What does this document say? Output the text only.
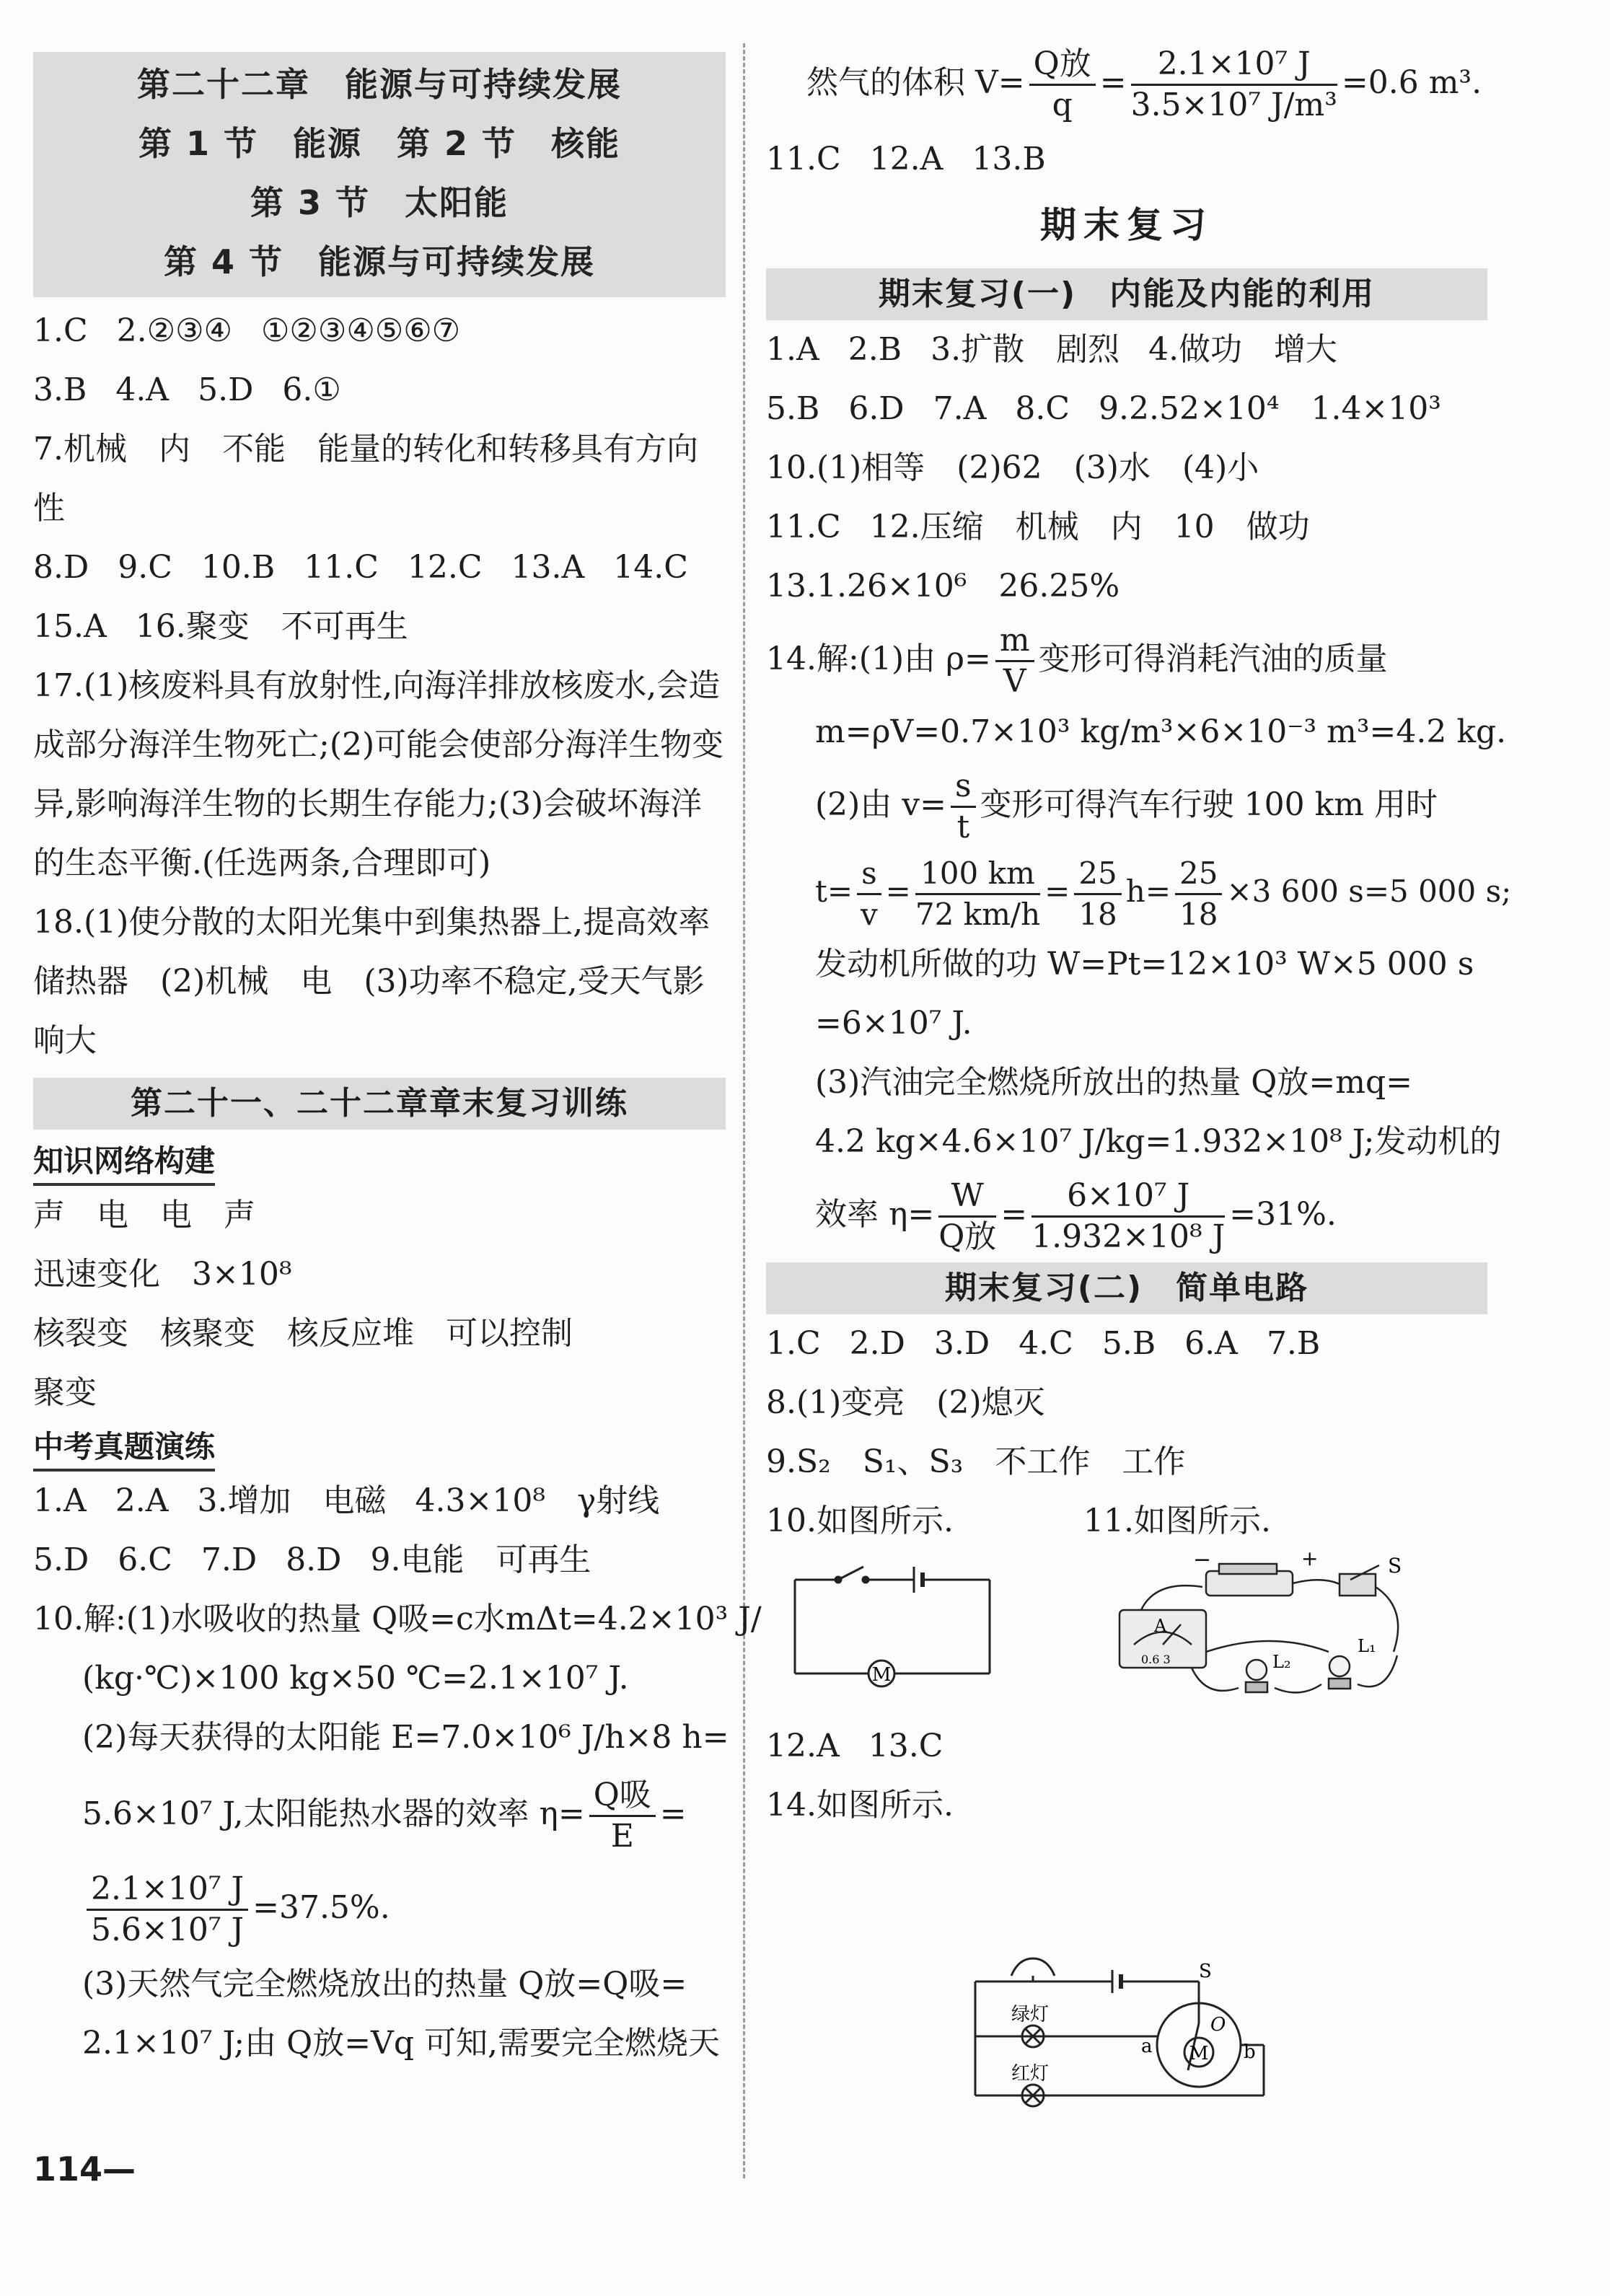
第二十二章　能源与可持续发展
第 1 节　能源 第 2 节　核能
第 3 节　太阳能
第 4 节　能源与可持续发展
1.C 2.②③④ ①②③④⑤⑥⑦
3.B 4.A 5.D 6.①
7.机械　内　不能　能量的转化和转移具有方向性
8.D 9.C 10.B 11.C 12.C 13.A 14.C
15.A 16.聚变　不可再生
17.(1)核废料具有放射性,向海洋排放核废水,会造成部分海洋生物死亡;(2)可能会使部分海洋生物变异,影响海洋生物的长期生存能力;(3)会破坏海洋的生态平衡.(任选两条,合理即可)
18.(1)使分散的太阳光集中到集热器上,提高效率　储热器　(2)机械　电　(3)功率不稳定,受天气影响大
第二十一、二十二章章末复习训练
知识网络构建
声　电　电　声
迅速变化　3×10⁸
核裂变　核聚变　核反应堆　可以控制
聚变
中考真题演练
1.A 2.A 3.增加　电磁 4.3×10⁸　γ射线
5.D 6.C 7.D 8.D 9.电能　可再生
10.解:(1)水吸收的热量 Q吸=c水mΔt=4.2×10³ J/
(kg·℃)×100 kg×50 ℃=2.1×10⁷ J.
(2)每天获得的太阳能 E=7.0×10⁶ J/h×8 h=
5.6×10⁷ J,太阳能热水器的效率 $\eta= \frac{\text{Q吸}}{E}$ =
$\frac{\text{2.1×10⁷ J}}{\text{5.6×10⁷ J}} =37.5\%$.
(3)天然气完全燃烧放出的热量 Q放=Q吸=
2.1×10⁷ J;由 Q放=Vq 可知,需要完全燃烧天
114—
然气的体积 $V= \frac{\text{Q放}}{q} = \frac{\text{2.1×10⁷ J}}{\text{3.5×10⁷ J/m³}} =0.6$ m³.
11.C 12.A 13.B
期末复习
期末复习(一)　内能及内能的利用
1.A 2.B 3.扩散　剧烈 4.做功　增大
5.B 6.D 7.A 8.C 9.2.52×10⁴　1.4×10³
10.(1)相等　(2)62　(3)水　(4)小
11.C 12.压缩　机械　内　10　做功
13.1.26×10⁶　26.25%
14.解:(1)由 $\rho= \frac{m}{V}$ 变形可得消耗汽油的质量
m=ρV=0.7×10³ kg/m³×6×10⁻³ m³=4.2 kg.
(2)由 $v= \frac{s}{t}$ 变形可得汽车行驶 100 km 用时
$t= \frac{s}{v} = \frac{100 km}{72 km/h} = \frac{25}{18} h= \frac{25}{18} \times 3$ 600 s=5 000 s;
发动机所做的功 W=Pt=12×10³ W×5 000 s
=6×10⁷ J.
(3)汽油完全燃烧所放出的热量 Q放=mq=
4.2 kg×4.6×10⁷ J/kg=1.932×10⁸ J;发动机的
效率 $\eta= \frac{W}{\text{Q放}} = \frac{\text{6×10⁷ J}}{\text{1.932×10⁸ J}} =31\%$.
期末复习(二)　简单电路
1.C 2.D 3.D 4.C 5.B 6.A 7.B
8.(1)变亮　(2)熄灭
9.S₂　S₁、S₃　不工作　工作
10.如图所示.	11.如图所示.
M
−	+	S
A
0.6 3
L₁
L₂
12.A 13.C
14.如图所示.
S
O
M
a	b
绿灯
红灯
